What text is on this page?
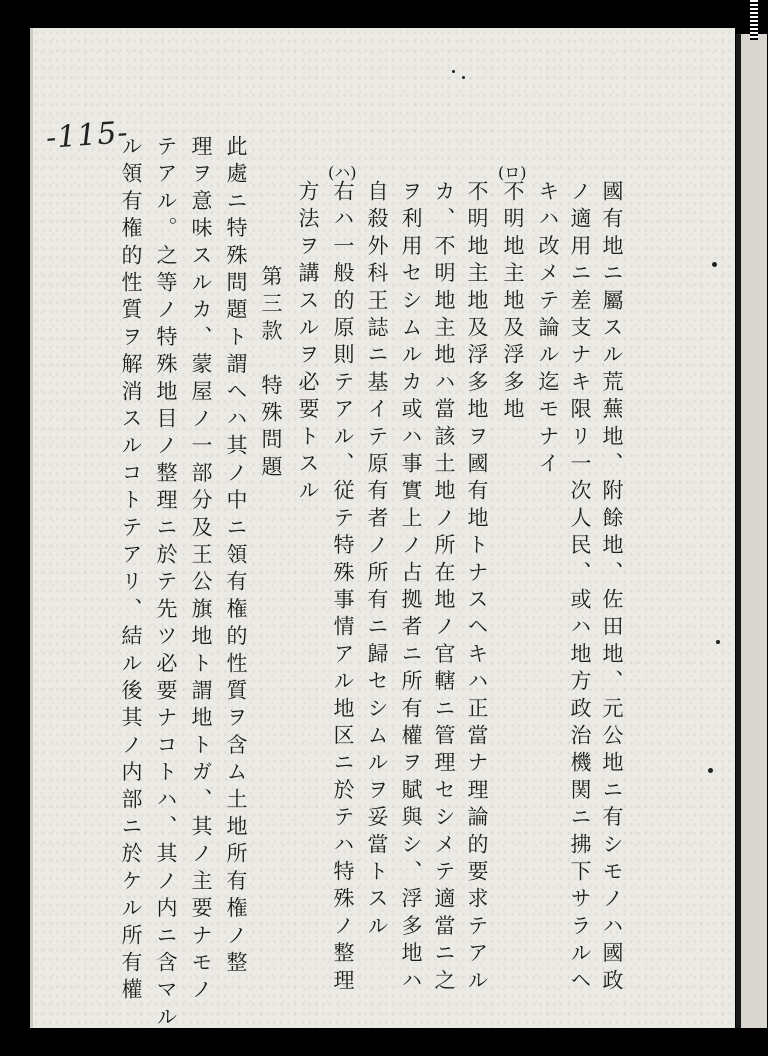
-115-
國有地ニ屬スル荒蕪地、附餘地、佐田地、元公地ニ有シモノハ國政
ノ適用ニ差支ナキ限リ一次人民、或ハ地方政治機関ニ拂下サラルヘ
キハ改メテ論ル迄モナイ
(ロ)
不明地主地及浮多地
不明地主地及浮多地ヲ國有地トナスヘキハ正當ナ理論的要求テアル
カ、不明地主地ハ當該土地ノ所在地ノ官轄ニ管理セシメテ適當ニ之
ヲ利用セシムルカ或ハ事實上ノ占拠者ニ所有權ヲ賦與シ、浮多地ハ
自殺外科王誌ニ基イテ原有者ノ所有ニ歸セシムルヲ妥當トスル
(ハ)
右ハ一般的原則テアル、従テ特殊事情アル地区ニ於テハ特殊ノ整理
方法ヲ講スルヲ必要トスル
第三款　特殊問題
此處ニ特殊問題ト謂ヘハ其ノ中ニ領有権的性質ヲ含ム土地所有権ノ整
理ヲ意味スルカ、蒙屋ノ一部分及王公旗地ト謂地トガ、其ノ主要ナモノ
テアル。之等ノ特殊地目ノ整理ニ於テ先ツ必要ナコトハ、其ノ内ニ含マル
ル領有権的性質ヲ解消スルコトテアリ、結ル後其ノ内部ニ於ケル所有權
